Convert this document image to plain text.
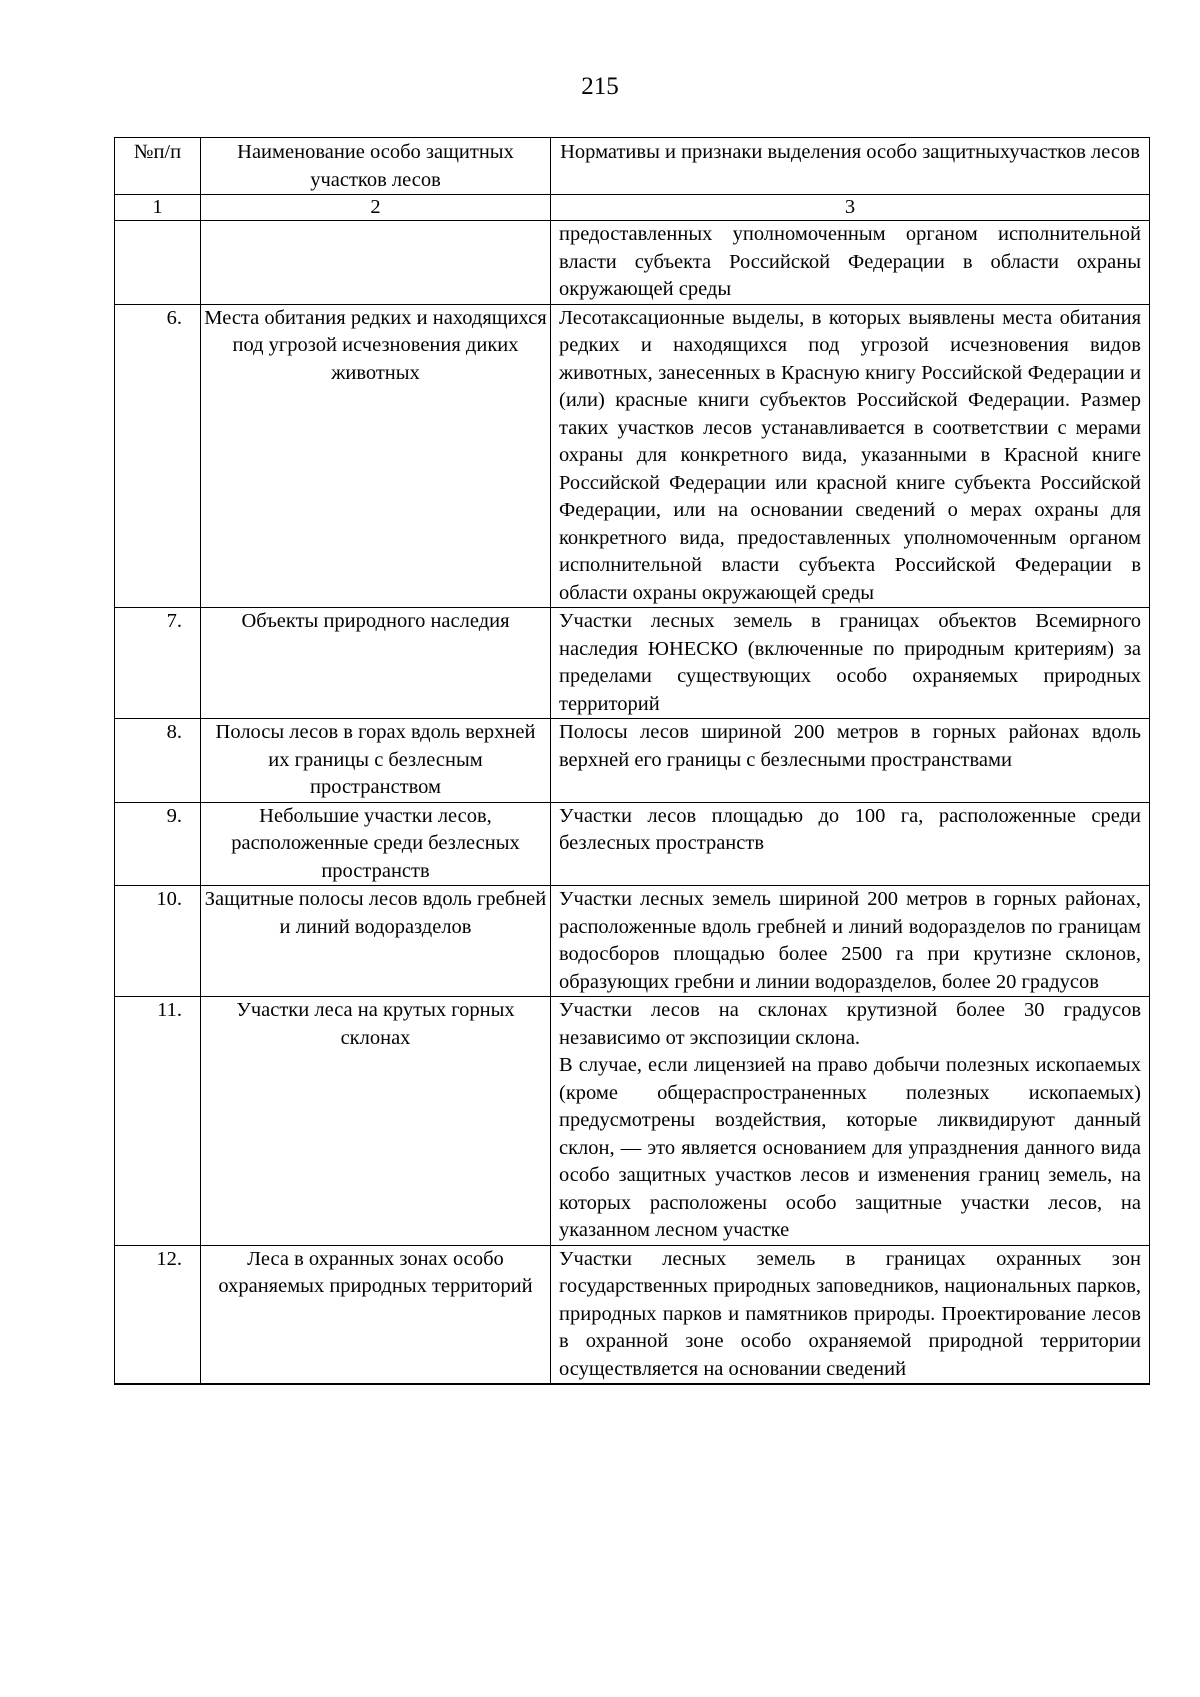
215
№п/п	Наименование особо защитных участков лесов	Нормативы и признаки выделения особо защитныхучастков лесов
1	2	3

		предоставленных уполномоченным органом исполнительной власти субъекта Российской Федерации в области охраны окружающей среды

6.	Места обитания редких и находящихся под угрозой исчезновения диких животных	Лесотаксационные выделы, в которых выявлены места обитания редких и находящихся под угрозой исчезновения видов животных, занесенных в Красную книгу Российской Федерации и (или) красные книги субъектов Российской Федерации. Размер таких участков лесов устанавливается в соответствии с мерами охраны для конкретного вида, указанными в Красной книге Российской Федерации или красной книге субъекта Российской Федерации, или на основании сведений о мерах охраны для конкретного вида, предоставленных уполномоченным органом исполнительной власти субъекта Российской Федерации в области охраны окружающей среды

7.	Объекты природного наследия	Участки лесных земель в границах объектов Всемирного наследия ЮНЕСКО (включенные по природным критериям) за пределами существующих особо охраняемых природных территорий

8.	Полосы лесов в горах вдоль верхней их границы с безлесным пространством	Полосы лесов шириной 200 метров в горных районах вдоль верхней его границы с безлесными пространствами

9.	Небольшие участки лесов, расположенные среди безлесных пространств	Участки лесов площадью до 100 га, расположенные среди безлесных пространств

10.	Защитные полосы лесов вдоль гребней и линий водоразделов	Участки лесных земель шириной 200 метров в горных районах, расположенные вдоль гребней и линий водоразделов по границам водосборов площадью более 2500 га при крутизне склонов, образующих гребни и линии водоразделов, более 20 градусов

11.	Участки леса на крутых горных склонах	Участки лесов на склонах крутизной более 30 градусов независимо от экспозиции склона.

В случае, если лицензией на право добычи полезных ископаемых (кроме общераспространенных полезных ископаемых) предусмотрены воздействия, которые ликвидируют данный склон, — это является основанием для упразднения данного вида особо защитных участков лесов и изменения границ земель, на которых расположены особо защитные участки лесов, на указанном лесном участке

12.	Леса в охранных зонах особо охраняемых природных территорий	Участки лесных земель в границах охранных зон государственных природных заповедников, национальных парков, природных парков и памятников природы. Проектирование лесов в охранной зоне особо охраняемой природной территории осуществляется на основании сведений
